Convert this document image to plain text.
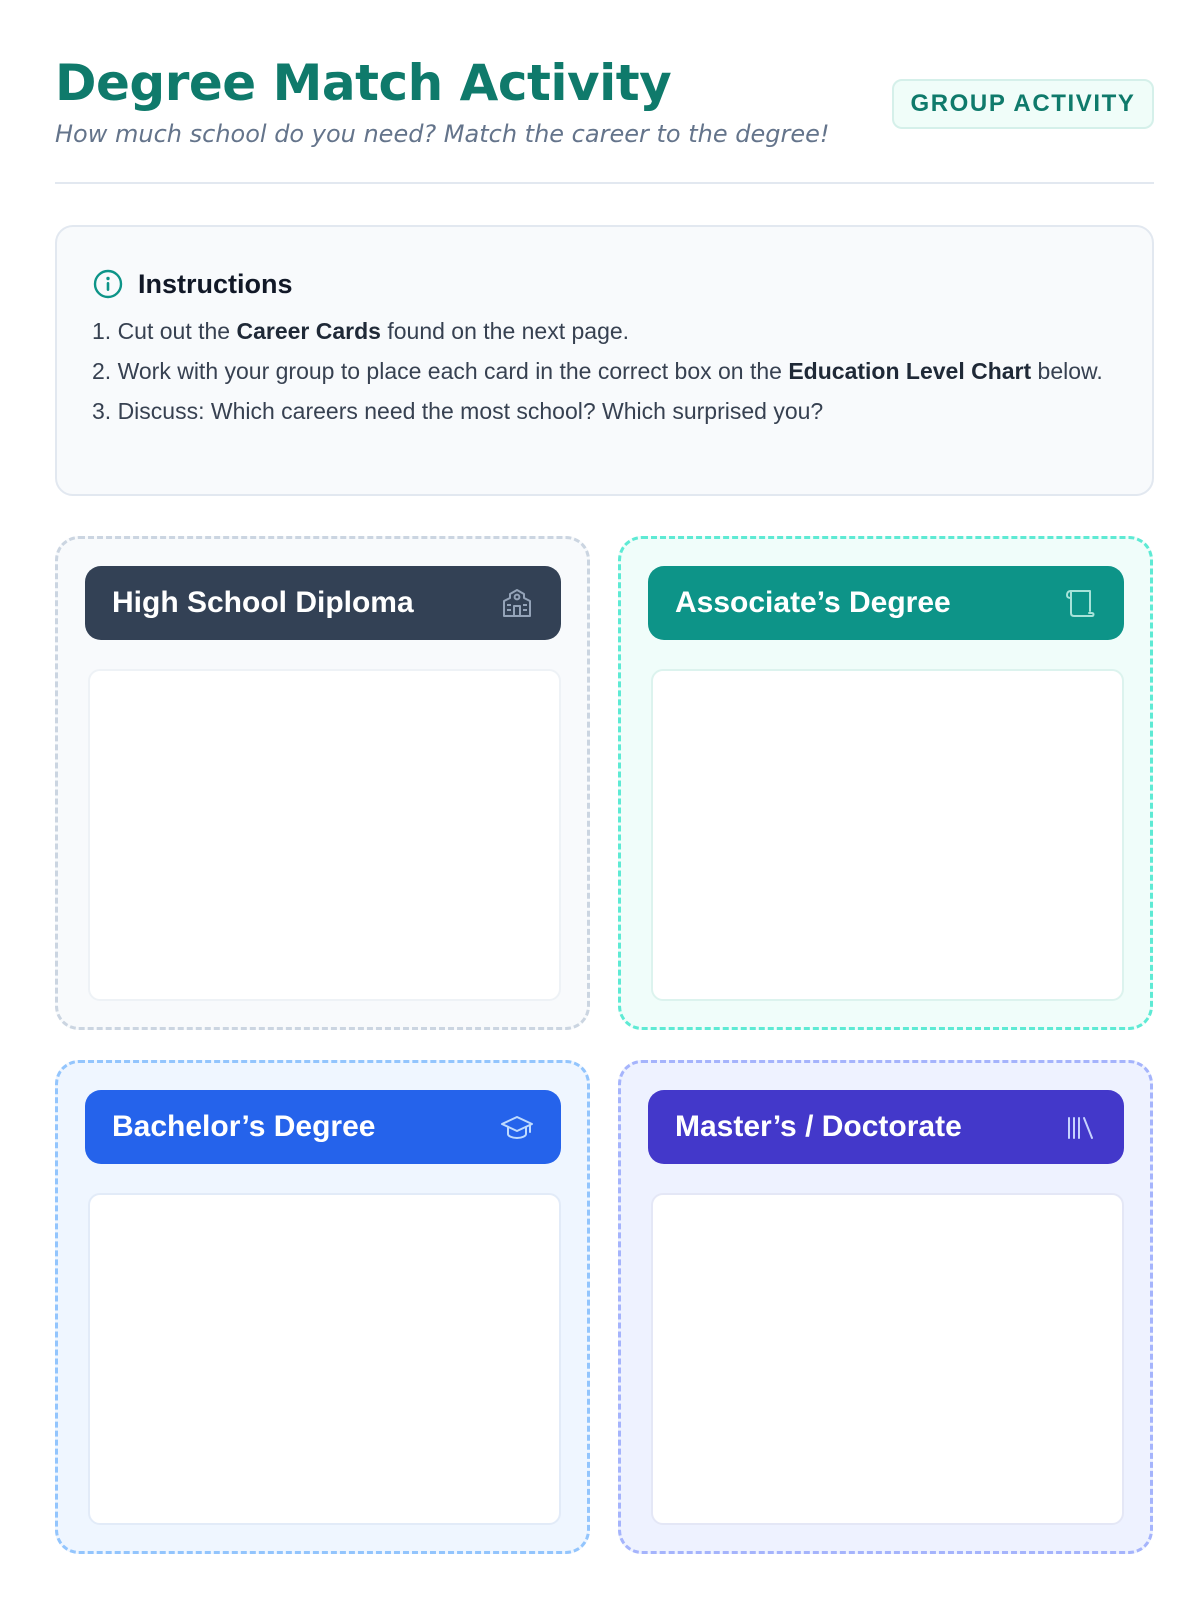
Degree Match Activity

How much school do you need? Match the career to the degree!

GROUP ACTIVITY
Instructions
1. Cut out the Career Cards found on the next page.
2. Work with your group to place each card in the correct box on the Education Level Chart below.
3. Discuss: Which careers need the most school? Which surprised you?
High School Diploma	Associate’s Degree
Bachelor’s Degree	Master’s / Doctorate
